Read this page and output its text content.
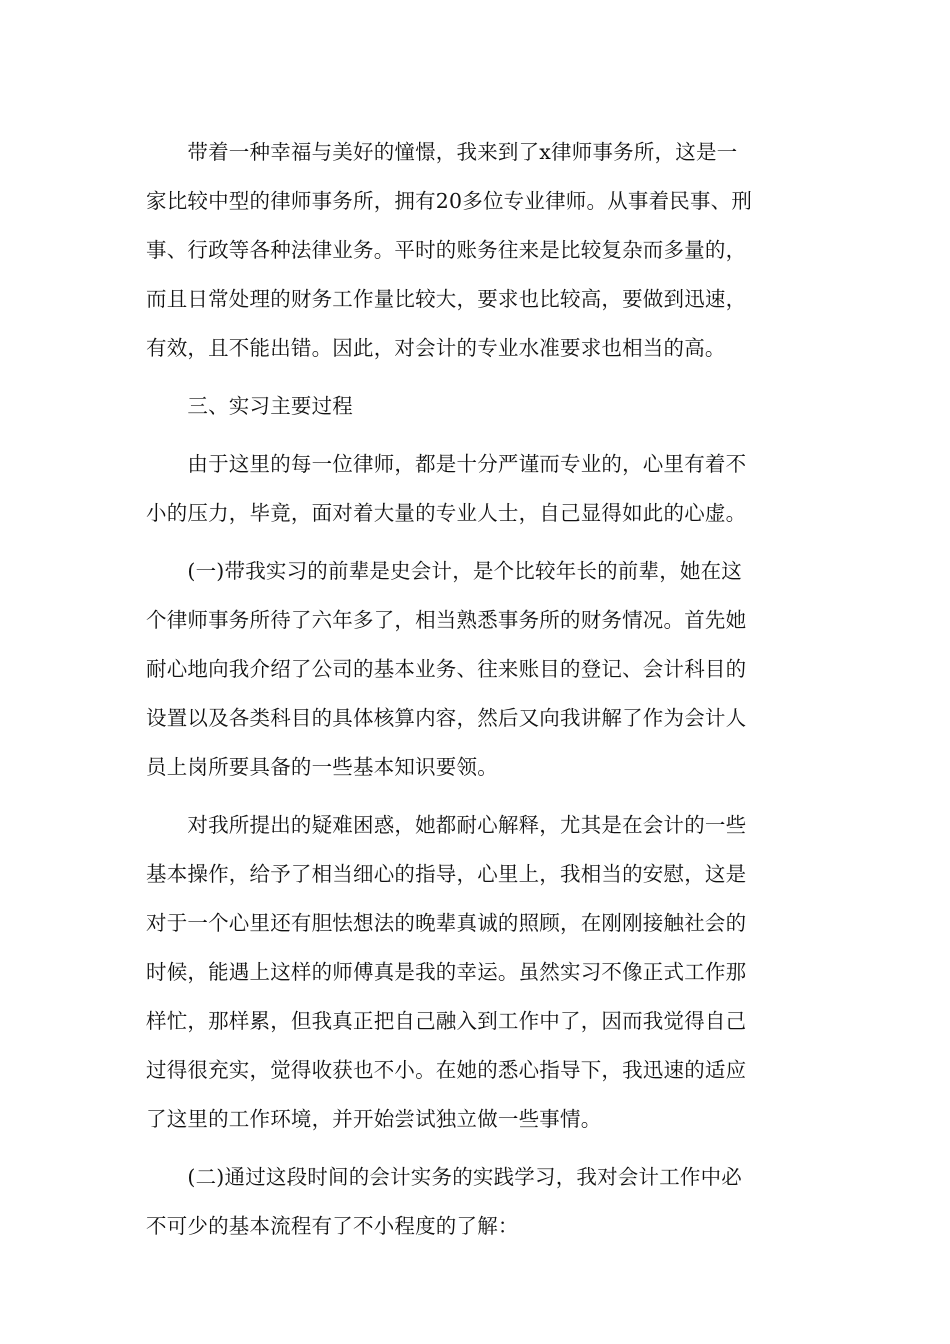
　　带着一种幸福与美好的憧憬，我来到了x律师事务所，这是一
家比较中型的律师事务所，拥有20多位专业律师。从事着民事、刑
事、行政等各种法律业务。平时的账务往来是比较复杂而多量的，
而且日常处理的财务工作量比较大，要求也比较高，要做到迅速，
有效，且不能出错。因此，对会计的专业水准要求也相当的高。
　　三、实习主要过程
　　由于这里的每一位律师，都是十分严谨而专业的，心里有着不
小的压力，毕竟，面对着大量的专业人士，自己显得如此的心虚。
　　(一)带我实习的前辈是史会计，是个比较年长的前辈，她在这
个律师事务所待了六年多了，相当熟悉事务所的财务情况。首先她
耐心地向我介绍了公司的基本业务、往来账目的登记、会计科目的
设置以及各类科目的具体核算内容，然后又向我讲解了作为会计人
员上岗所要具备的一些基本知识要领。
　　对我所提出的疑难困惑，她都耐心解释，尤其是在会计的一些
基本操作，给予了相当细心的指导，心里上，我相当的安慰，这是
对于一个心里还有胆怯想法的晚辈真诚的照顾，在刚刚接触社会的
时候，能遇上这样的师傅真是我的幸运。虽然实习不像正式工作那
样忙，那样累，但我真正把自己融入到工作中了，因而我觉得自己
过得很充实，觉得收获也不小。在她的悉心指导下，我迅速的适应
了这里的工作环境，并开始尝试独立做一些事情。
　　(二)通过这段时间的会计实务的实践学习，我对会计工作中必
不可少的基本流程有了不小程度的了解：
